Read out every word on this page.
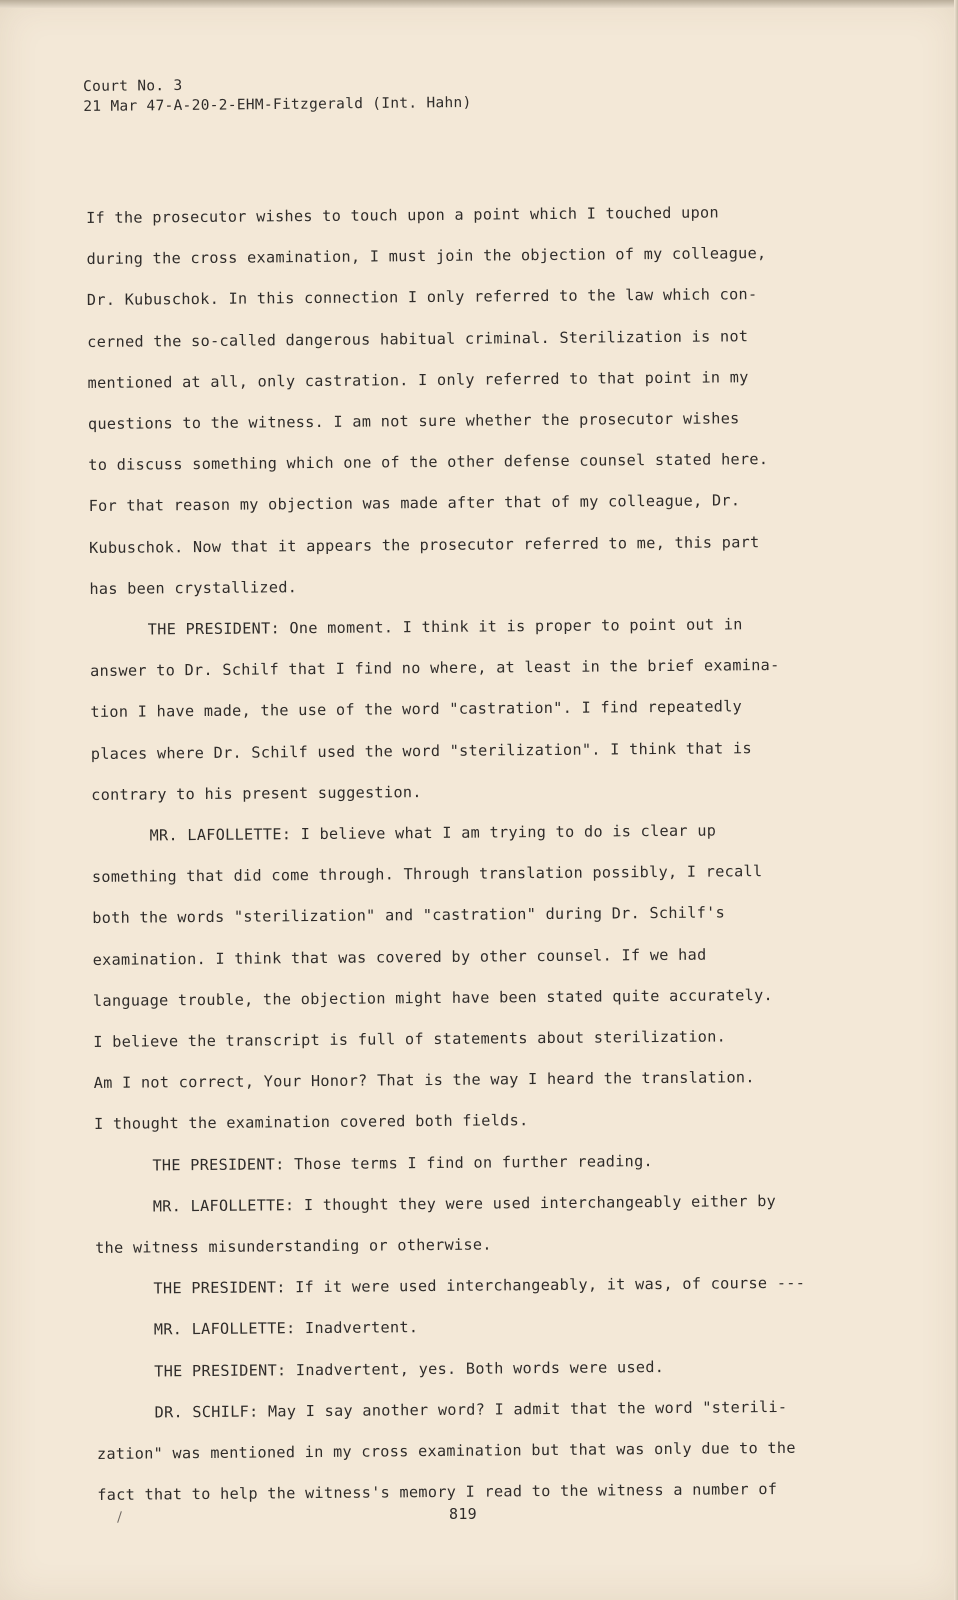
Court No. 3
21 Mar 47-A-20-2-EHM-Fitzgerald (Int. Hahn)
If the prosecutor wishes to touch upon a point which I touched upon
during the cross examination, I must join the objection of my colleague,
Dr. Kubuschok. In this connection I only referred to the law which con-
cerned the so-called dangerous habitual criminal. Sterilization is not
mentioned at all, only castration. I only referred to that point in my
questions to the witness. I am not sure whether the prosecutor wishes
to discuss something which one of the other defense counsel stated here.
For that reason my objection was made after that of my colleague, Dr.
Kubuschok. Now that it appears the prosecutor referred to me, this part
has been crystallized.
THE PRESIDENT: One moment. I think it is proper to point out in
answer to Dr. Schilf that I find no where, at least in the brief examina-
tion I have made, the use of the word "castration". I find repeatedly
places where Dr. Schilf used the word "sterilization". I think that is
contrary to his present suggestion.
MR. LAFOLLETTE: I believe what I am trying to do is clear up
something that did come through. Through translation possibly, I recall
both the words "sterilization" and "castration" during Dr. Schilf's
examination. I think that was covered by other counsel. If we had
language trouble, the objection might have been stated quite accurately.
I believe the transcript is full of statements about sterilization.
Am I not correct, Your Honor? That is the way I heard the translation.
I thought the examination covered both fields.
THE PRESIDENT: Those terms I find on further reading.
MR. LAFOLLETTE: I thought they were used interchangeably either by
the witness misunderstanding or otherwise.
THE PRESIDENT: If it were used interchangeably, it was, of course ---
MR. LAFOLLETTE: Inadvertent.
THE PRESIDENT: Inadvertent, yes. Both words were used.
DR. SCHILF: May I say another word? I admit that the word "sterili-
zation" was mentioned in my cross examination but that was only due to the
fact that to help the witness's memory I read to the witness a number of
819
